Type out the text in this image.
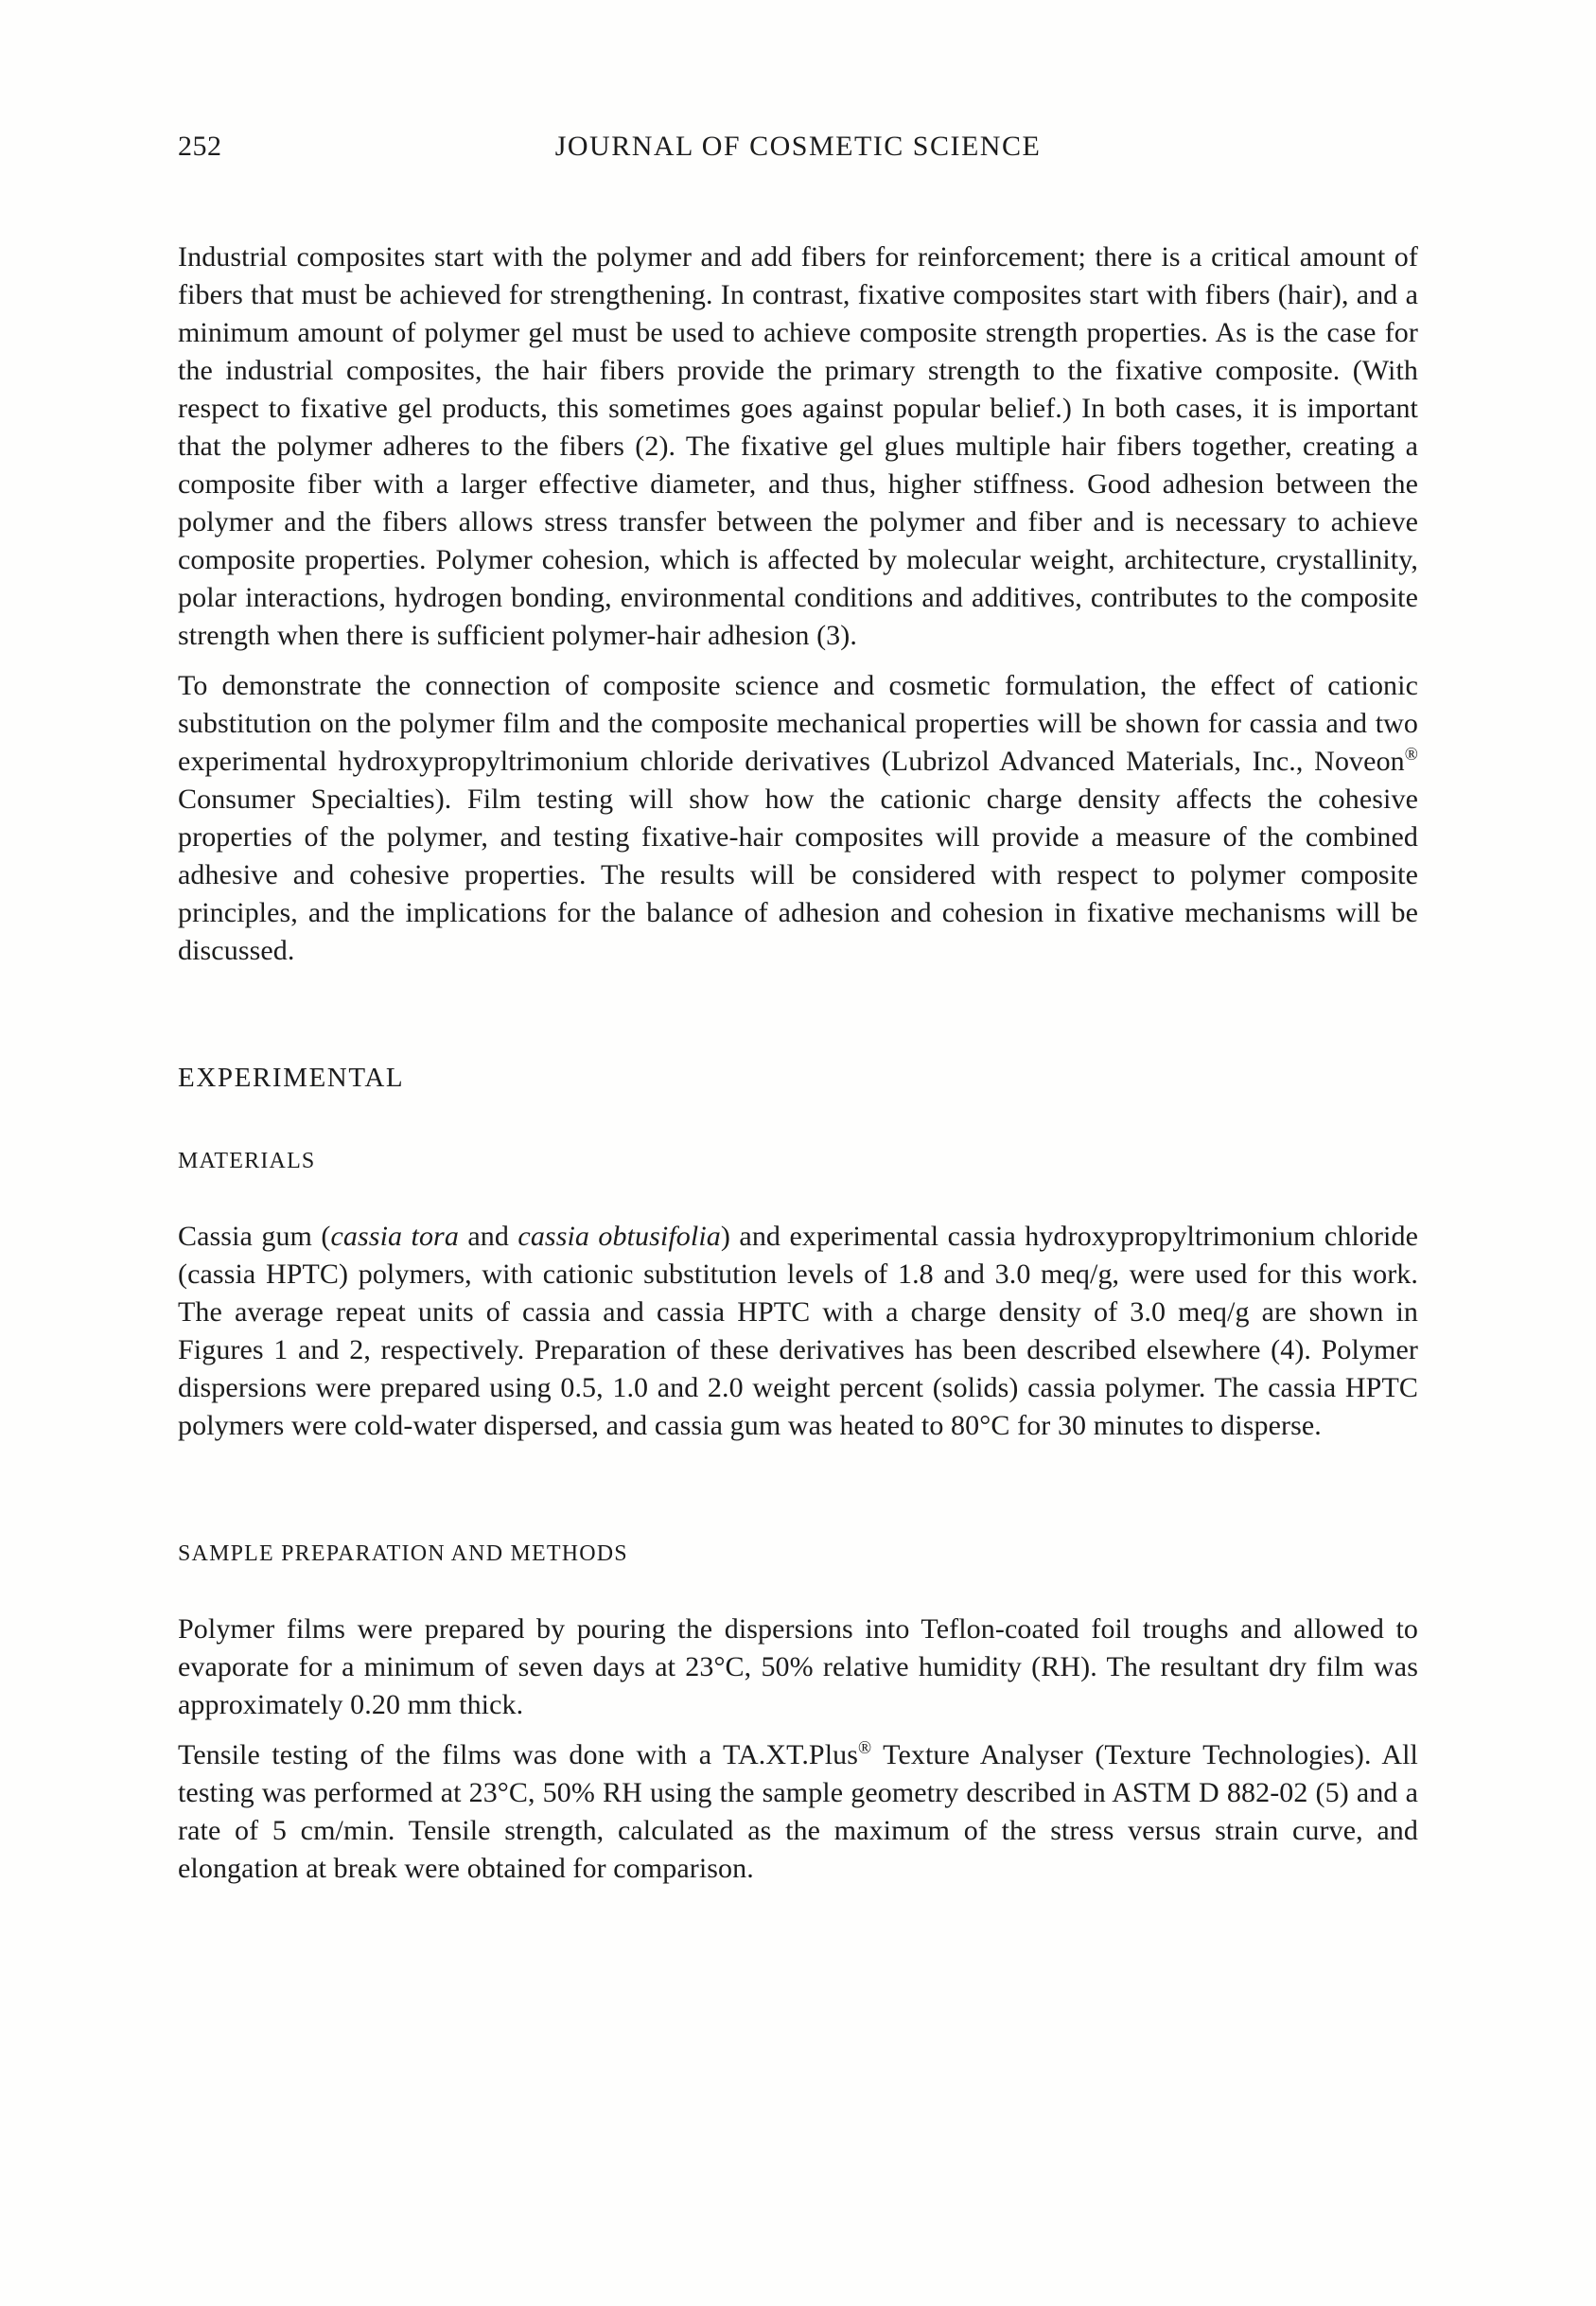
252	JOURNAL OF COSMETIC SCIENCE

Industrial composites start with the polymer and add fibers for reinforcement; there is a critical amount of fibers that must be achieved for strengthening. In contrast, fixative composites start with fibers (hair), and a minimum amount of polymer gel must be used to achieve composite strength properties. As is the case for the industrial composites, the hair fibers provide the primary strength to the fixative composite. (With respect to fixative gel products, this sometimes goes against popular belief.) In both cases, it is important that the polymer adheres to the fibers (2). The fixative gel glues multiple hair fibers together, creating a composite fiber with a larger effective diameter, and thus, higher stiffness. Good adhesion between the polymer and the fibers allows stress transfer between the polymer and fiber and is necessary to achieve composite properties. Polymer cohesion, which is affected by molecular weight, architecture, crystallinity, polar interactions, hydrogen bonding, environmental conditions and additives, contributes to the composite strength when there is sufficient polymer-hair adhesion (3).

To demonstrate the connection of composite science and cosmetic formulation, the effect of cationic substitution on the polymer film and the composite mechanical properties will be shown for cassia and two experimental hydroxypropyltrimonium chloride derivatives (Lubrizol Advanced Materials, Inc., Noveon® Consumer Specialties). Film testing will show how the cationic charge density affects the cohesive properties of the polymer, and testing fixative-hair composites will provide a measure of the combined adhesive and cohesive properties. The results will be considered with respect to polymer composite principles, and the implications for the balance of adhesion and cohesion in fixative mechanisms will be discussed.

EXPERIMENTAL
MATERIALS

Cassia gum (cassia tora and cassia obtusifolia) and experimental cassia hydroxypropyltrimonium chloride (cassia HPTC) polymers, with cationic substitution levels of 1.8 and 3.0 meq/g, were used for this work. The average repeat units of cassia and cassia HPTC with a charge density of 3.0 meq/g are shown in Figures 1 and 2, respectively. Preparation of these derivatives has been described elsewhere (4). Polymer dispersions were prepared using 0.5, 1.0 and 2.0 weight percent (solids) cassia polymer. The cassia HPTC polymers were cold-water dispersed, and cassia gum was heated to 80°C for 30 minutes to disperse.

SAMPLE PREPARATION AND METHODS

Polymer films were prepared by pouring the dispersions into Teflon-coated foil troughs and allowed to evaporate for a minimum of seven days at 23°C, 50% relative humidity (RH). The resultant dry film was approximately 0.20 mm thick.

Tensile testing of the films was done with a TA.XT.Plus® Texture Analyser (Texture Technologies). All testing was performed at 23°C, 50% RH using the sample geometry described in ASTM D 882-02 (5) and a rate of 5 cm/min. Tensile strength, calculated as the maximum of the stress versus strain curve, and elongation at break were obtained for comparison.
